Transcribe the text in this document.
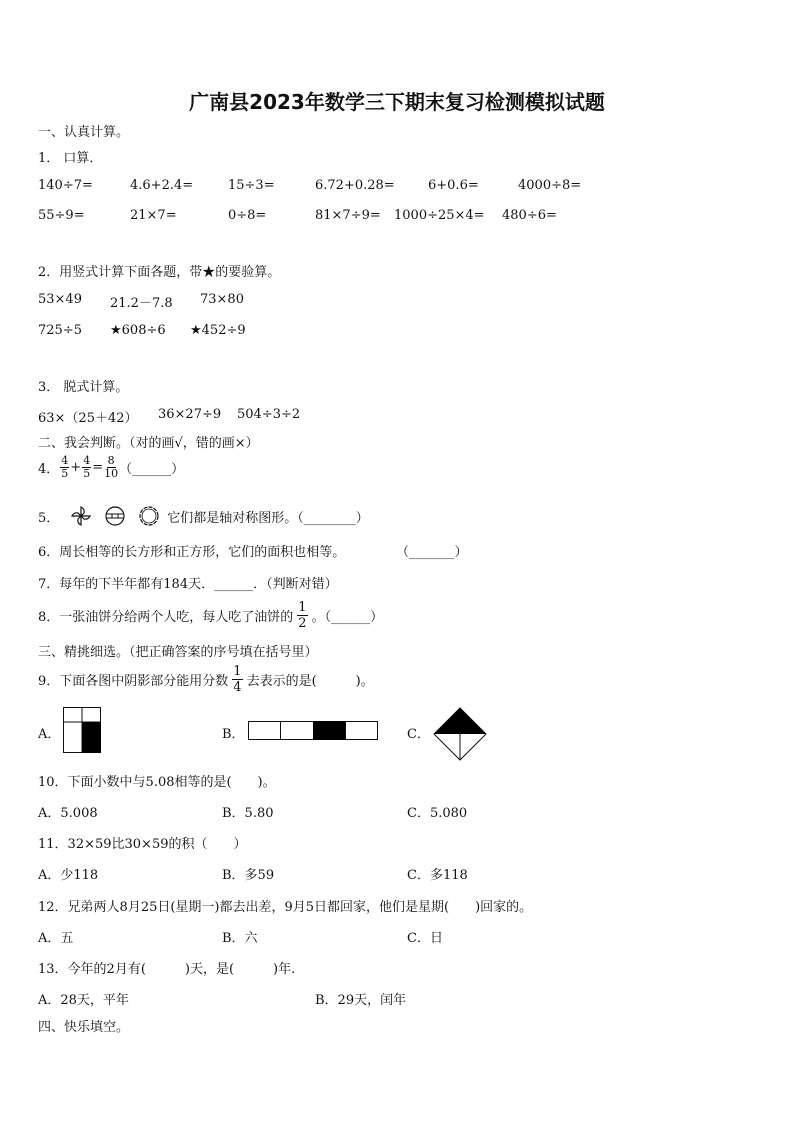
广南县2023年数学三下期末复习检测模拟试题
一、认真计算。
1． 口算．
140÷7=	4.6+2.4=	15÷3=	6.72+0.28=	6+0.6=	4000÷8=
55÷9=	21×7=	0÷8=	81×7÷9= 1000÷25×4= 480÷6=
2．用竖式计算下面各题，带★的要验算。
53×49 21.2－7.8 73×80
725÷5 ★608÷6 ★452÷9
3． 脱式计算。
63×（25＋42） 36×27÷9 504÷3÷2
二、我会判断。（对的画√，错的画×）
4． $\frac{4}{5} + \frac{4}{5} = \frac{8}{10}$ （______）
5．	它们都是轴对称图形。（________）
6．周长相等的长方形和正方形，它们的面积也相等。	（_______）
7．每年的下半年都有184天．______．（判断对错）
8．一张油饼分给两个人吃，每人吃了油饼的 $\frac{1}{2}$ 。（______）
三、精挑细选。（把正确答案的序号填在括号里）
9．下面各图中阴影部分能用分数 $\frac{1}{4}$ 去表示的是(　　　)。
A．	B．	C．
10．下面小数中与5.08相等的是(　　)。
A．5.008	B．5.80	C．5.080
11．32×59比30×59的积（　　）
A．少118	B．多59	C．多118
12．兄弟两人8月25日(星期一)都去出差，9月5日都回家，他们是星期(　　)回家的。
A．五	B．六	C．日
13．今年的2月有(　　　)天，是(　　　)年.
A．28天，平年	B．29天，闰年
四、快乐填空。
